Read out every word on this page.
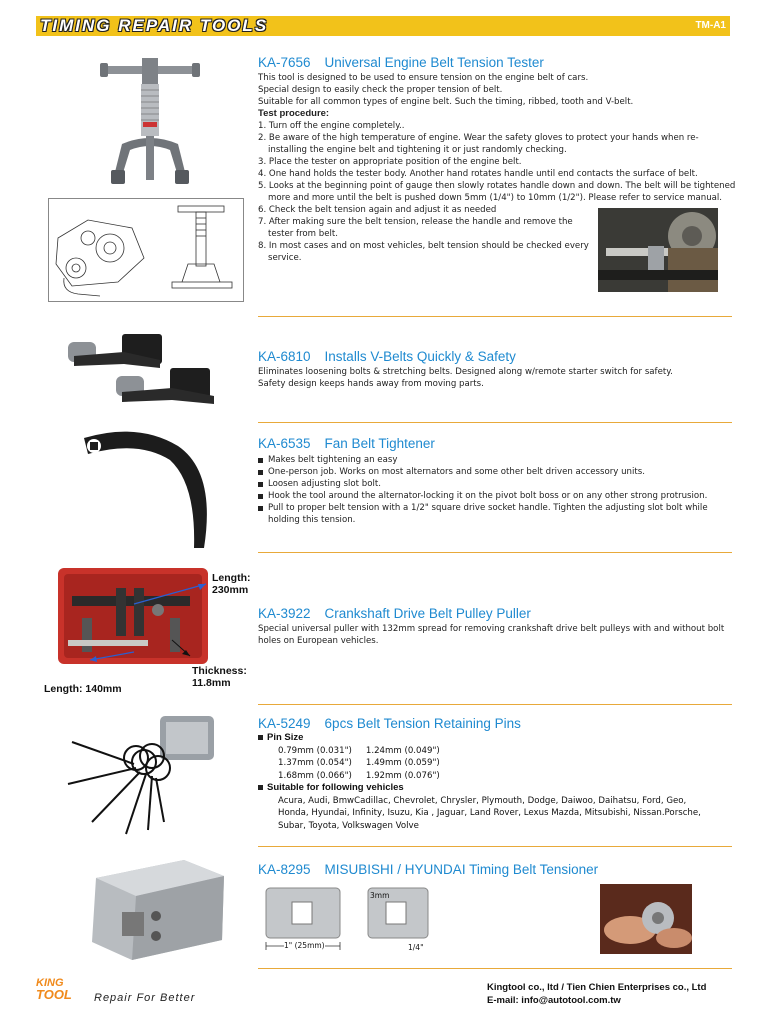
TIMING REPAIR TOOLS	TM-A1
KA-7656 Universal Engine Belt Tension Tester

This tool is designed to be used to ensure tension on the engine belt of cars.

Special design to easily check the proper tension of belt.

Suitable for all common types of engine belt. Such the timing, ribbed, tooth and V-belt.

Test procedure:

1. Turn off the engine completely..
2. Be aware of the high temperature of engine. Wear the safety gloves to protect your hands when re-installing the engine belt and tightening it or just randomly checking.
3. Place the tester on appropriate position of the engine belt.
4. One hand holds the tester body. Another hand rotates handle until end contacts the surface of belt.
5. Looks at the beginning point of gauge then slowly rotates handle down and down. The belt will be tightened more and more until the belt is pushed down 5mm (1/4") to 10mm (1/2"). Please refer to service manual.
6. Check the belt tension again and adjust it as needed
7. After making sure the belt tension, release the handle and remove the tester from belt.
8. In most cases and on most vehicles, belt tension should be checked every service.
KA-6810 Installs V-Belts Quickly & Safety

Eliminates loosening bolts & stretching belts. Designed along w/remote starter switch for safety.

Safety design keeps hands away from moving parts.

KA-6535 Fan Belt Tightener
Makes belt tightening an easy
One-person job. Works on most alternators and some other belt driven accessory units.
Loosen adjusting slot bolt.
Hook the tool around the alternator-locking it on the pivot bolt boss or on any other strong protrusion.
Pull to proper belt tension with a 1/2" square drive socket handle. Tighten the adjusting slot bolt while holding this tension.
Length:
230mm
Thickness:
11.8mm
Length: 140mm
KA-3922 Crankshaft Drive Belt Pulley Puller

Special universal puller with 132mm spread for removing crankshaft drive belt pulleys with and without bolt holes on European vehicles.

KA-5249 6pcs Belt Tension Retaining Pins
Pin Size
0.79mm (0.031")	1.24mm (0.049")
1.37mm (0.054")	1.49mm (0.059")
1.68mm (0.066")	1.92mm (0.076")
Suitable for following vehicles
Acura, Audi, BmwCadillac, Chevrolet, Chrysler, Plymouth, Dodge, Daiwoo, Daihatsu, Ford, Geo, Honda, Hyundai, Infinity, Isuzu, Kia , Jaguar, Land Rover, Lexus Mazda, Mitsubishi, Nissan.Porsche, Subar, Toyota, Volkswagen Volve
KA-8295 MISUBISHI / HYUNDAI Timing Belt Tensioner
3mm
1" (25mm)	1/4"
KING
TOOL Repair For Better
Kingtool co., ltd / Tien Chien Enterprises co., Ltd
E-mail: info@autotool.com.tw
